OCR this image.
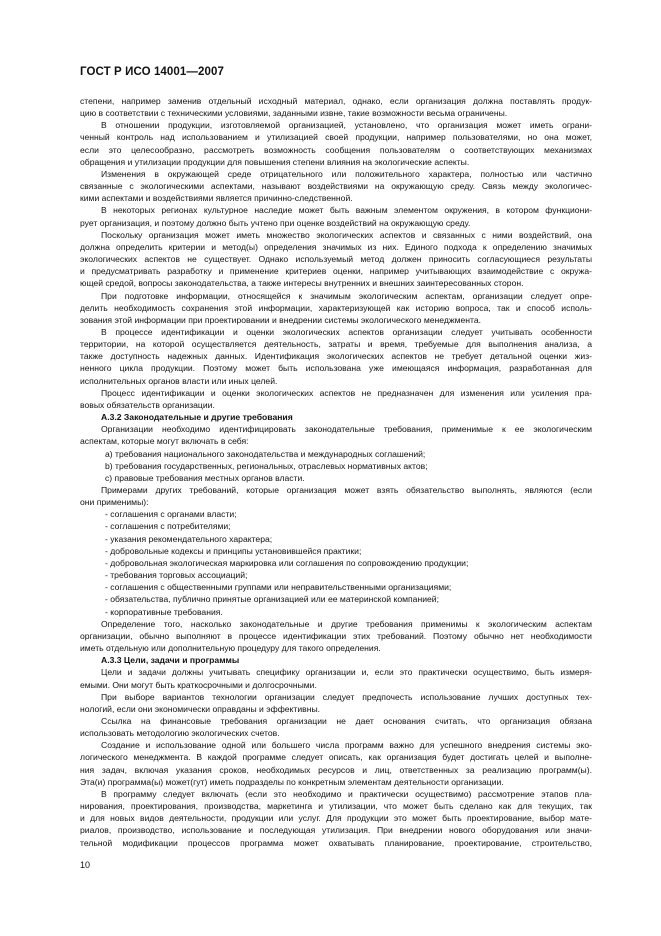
ГОСТ Р ИСО 14001—2007
степени, например заменив отдельный исходный материал, однако, если организация должна поставлять продук-
цию в соответствии с техническими условиями, заданными извне, такие возможности весьма ограничены.
В отношении продукции, изготовляемой организацией, установлено, что организация может иметь ограни-
ченный контроль над использованием и утилизацией своей продукции, например пользователями, но она может,
если это целесообразно, рассмотреть возможность сообщения пользователям о соответствующих механизмах
обращения и утилизации продукции для повышения степени влияния на экологические аспекты.
Изменения в окружающей среде отрицательного или положительного характера, полностью или частично
связанные с экологическими аспектами, называют воздействиями на окружающую среду. Связь между экологичес-
кими аспектами и воздействиями является причинно-следственной.
В некоторых регионах культурное наследие может быть важным элементом окружения, в котором функциони-
рует организация, и поэтому должно быть учтено при оценке воздействий на окружающую среду.
Поскольку организация может иметь множество экологических аспектов и связанных с ними воздействий, она
должна определить критерии и метод(ы) определения значимых из них. Единого подхода к определению значимых
экологических аспектов не существует. Однако используемый метод должен приносить согласующиеся результаты
и предусматривать разработку и применение критериев оценки, например учитывающих взаимодействие с окружа-
ющей средой, вопросы законодательства, а также интересы внутренних и внешних заинтересованных сторон.
При подготовке информации, относящейся к значимым экологическим аспектам, организации следует опре-
делить необходимость сохранения этой информации, характеризующей как историю вопроса, так и способ исполь-
зования этой информации при проектировании и внедрении системы экологического менеджмента.
В процессе идентификации и оценки экологических аспектов организации следует учитывать особенности
территории, на которой осуществляется деятельность, затраты и время, требуемые для выполнения анализа, а
также доступность надежных данных. Идентификация экологических аспектов не требует детальной оценки жиз-
ненного цикла продукции. Поэтому может быть использована уже имеющаяся информация, разработанная для
исполнительных органов власти или иных целей.
Процесс идентификации и оценки экологических аспектов не предназначен для изменения или усиления пра-
вовых обязательств организации.
А.3.2 Законодательные и другие требования
Организации необходимо идентифицировать законодательные требования, применимые к ее экологическим
аспектам, которые могут включать в себя:
a) требования национального законодательства и международных соглашений;
b) требования государственных, региональных, отраслевых нормативных актов;
c) правовые требования местных органов власти.
Примерами других требований, которые организация может взять обязательство выполнять, являются (если
они применимы):
- соглашения с органами власти;
- соглашения с потребителями;
- указания рекомендательного характера;
- добровольные кодексы и принципы установившейся практики;
- добровольная экологическая маркировка или соглашения по сопровождению продукции;
- требования торговых ассоциаций;
- соглашения с общественными группами или неправительственными организациями;
- обязательства, публично принятые организацией или ее материнской компанией;
- корпоративные требования.
Определение того, насколько законодательные и другие требования применимы к экологическим аспектам
организации, обычно выполняют в процессе идентификации этих требований. Поэтому обычно нет необходимости
иметь отдельную или дополнительную процедуру для такого определения.
А.3.3 Цели, задачи и программы
Цели и задачи должны учитывать специфику организации и, если это практически осуществимо, быть измеря-
емыми. Они могут быть краткосрочными и долгосрочными.
При выборе вариантов технологии организации следует предпочесть использование лучших доступных тех-
нологий, если они экономически оправданы и эффективны.
Ссылка на финансовые требования организации не дает основания считать, что организация обязана
использовать методологию экологических счетов.
Создание и использование одной или большего числа программ важно для успешного внедрения системы эко-
логического менеджмента. В каждой программе следует описать, как организация будет достигать целей и выполне-
ния задач, включая указания сроков, необходимых ресурсов и лиц, ответственных за реализацию программ(ы).
Эта(и) программа(ы) может(гут) иметь подразделы по конкретным элементам деятельности организации.
В программу следует включать (если это необходимо и практически осуществимо) рассмотрение этапов пла-
нирования, проектирования, производства, маркетинга и утилизации, что может быть сделано как для текущих, так
и для новых видов деятельности, продукции или услуг. Для продукции это может быть проектирование, выбор мате-
риалов, производство, использование и последующая утилизация. При внедрении нового оборудования или значи-
тельной модификации процессов программа может охватывать планирование, проектирование, строительство,
10
